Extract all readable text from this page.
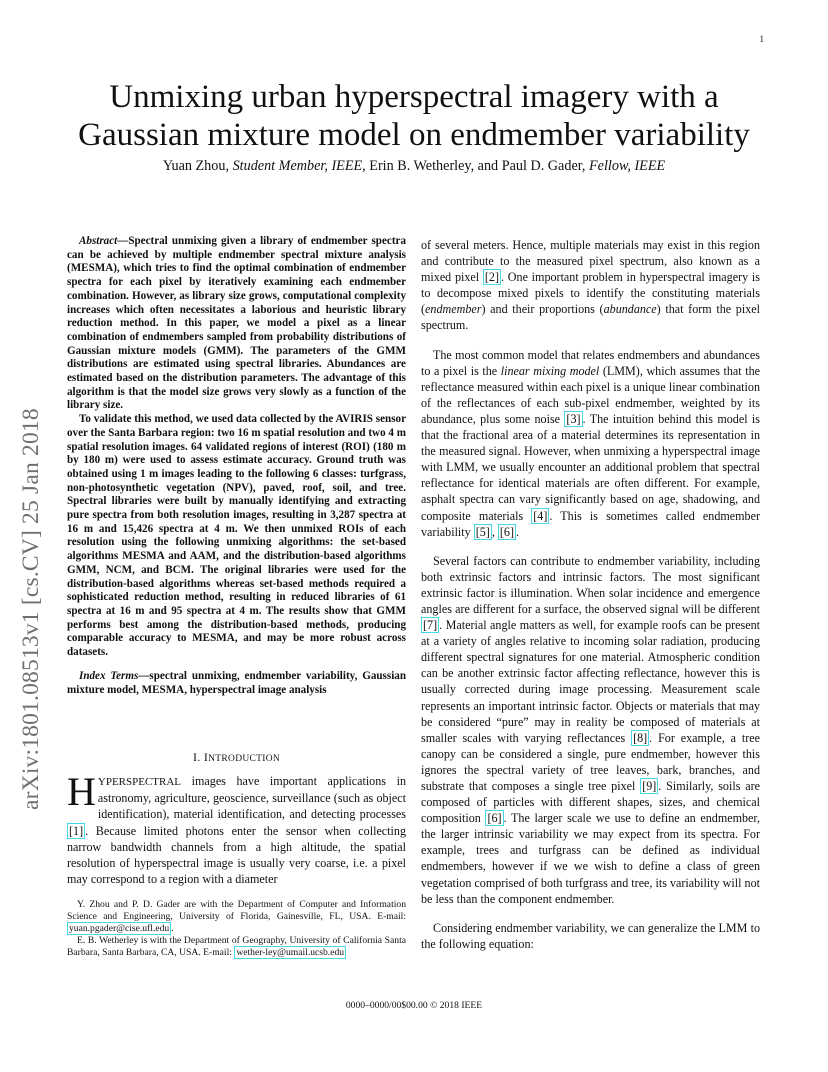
1
arXiv:1801.08513v1 [cs.CV] 25 Jan 2018
Unmixing urban hyperspectral imagery with a
Gaussian mixture model on endmember variability
Yuan Zhou, Student Member, IEEE, Erin B. Wetherley, and Paul D. Gader, Fellow, IEEE

Abstract—Spectral unmixing given a library of endmember spectra can be achieved by multiple endmember spectral mixture analysis (MESMA), which tries to find the optimal combination of endmember spectra for each pixel by iteratively examining each endmember combination. However, as library size grows, computational complexity increases which often necessitates a laborious and heuristic library reduction method. In this paper, we model a pixel as a linear combination of endmembers sampled from probability distributions of Gaussian mixture models (GMM). The parameters of the GMM distributions are estimated using spectral libraries. Abundances are estimated based on the distribution parameters. The advantage of this algorithm is that the model size grows very slowly as a function of the library size.

To validate this method, we used data collected by the AVIRIS sensor over the Santa Barbara region: two 16 m spatial resolution and two 4 m spatial resolution images. 64 validated regions of interest (ROI) (180 m by 180 m) were used to assess estimate accuracy. Ground truth was obtained using 1 m images leading to the following 6 classes: turfgrass, non-photosynthetic vegetation (NPV), paved, roof, soil, and tree. Spectral libraries were built by manually identifying and extracting pure spectra from both resolution images, resulting in 3,287 spectra at 16 m and 15,426 spectra at 4 m. We then unmixed ROIs of each resolution using the following unmixing algorithms: the set-based algorithms MESMA and AAM, and the distribution-based algorithms GMM, NCM, and BCM. The original libraries were used for the distribution-based algorithms whereas set-based methods required a sophisticated reduction method, resulting in reduced libraries of 61 spectra at 16 m and 95 spectra at 4 m. The results show that GMM performs best among the distribution-based methods, producing comparable accuracy to MESMA, and may be more robust across datasets.

Index Terms—spectral unmixing, endmember variability, Gaussian mixture model, MESMA, hyperspectral image analysis

I. INTRODUCTION

HYPERSPECTRAL images have important applications in astronomy, agriculture, geoscience, surveillance (such as object identification), material identification, and detecting processes [1] . Because limited photons enter the sensor when collecting narrow bandwidth channels from a high altitude, the spatial resolution of hyperspectral image is usually very coarse, i.e. a pixel may correspond to a region with a diameter

Y. Zhou and P. D. Gader are with the Department of Computer and Information Science and Engineering, University of Florida, Gainesville, FL, USA. E-mail: yuan.pgader@cise.ufl.edu .

E. B. Wetherley is with the Department of Geography, University of California Santa Barbara, Santa Barbara, CA, USA. E-mail: wether-ley@umail.ucsb.edu

of several meters. Hence, multiple materials may exist in this region and contribute to the measured pixel spectrum, also known as a mixed pixel [2] . One important problem in hyperspectral imagery is to decompose mixed pixels to identify the constituting materials (endmember) and their proportions (abundance) that form the pixel spectrum.

The most common model that relates endmembers and abundances to a pixel is the linear mixing model (LMM), which assumes that the reflectance measured within each pixel is a unique linear combination of the reflectances of each sub-pixel endmember, weighted by its abundance, plus some noise [3] . The intuition behind this model is that the fractional area of a material determines its representation in the measured signal. However, when unmixing a hyperspectral image with LMM, we usually encounter an additional problem that spectral reflectance for identical materials are often different. For example, asphalt spectra can vary significantly based on age, shadowing, and composite materials [4] . This is sometimes called endmember variability [5] , [6] .

Several factors can contribute to endmember variability, including both extrinsic factors and intrinsic factors. The most significant extrinsic factor is illumination. When solar incidence and emergence angles are different for a surface, the observed signal will be different [7] . Material angle matters as well, for example roofs can be present at a variety of angles relative to incoming solar radiation, producing different spectral signatures for one material. Atmospheric condition can be another extrinsic factor affecting reflectance, however this is usually corrected during image processing. Measurement scale represents an important intrinsic factor. Objects or materials that may be considered “pure” may in reality be composed of materials at smaller scales with varying reflectances [8] . For example, a tree canopy can be considered a single, pure endmember, however this ignores the spectral variety of tree leaves, bark, branches, and substrate that composes a single tree pixel [9] . Similarly, soils are composed of particles with different shapes, sizes, and chemical composition [6] . The larger scale we use to define an endmember, the larger intrinsic variability we may expect from its spectra. For example, trees and turfgrass can be defined as individual endmembers, however if we we wish to define a class of green vegetation comprised of both turfgrass and tree, its variability will not be less than the component endmember.

Considering endmember variability, we can generalize the LMM to the following equation:

0000–0000/00$00.00 © 2018 IEEE
